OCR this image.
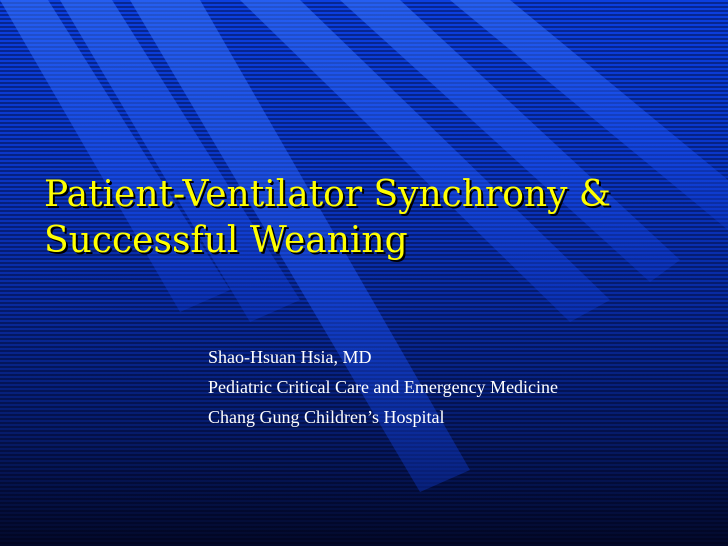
Patient-Ventilator Synchrony &
Successful Weaning
Shao-Hsuan Hsia, MD
Pediatric Critical Care and Emergency Medicine
Chang Gung Children’s Hospital
